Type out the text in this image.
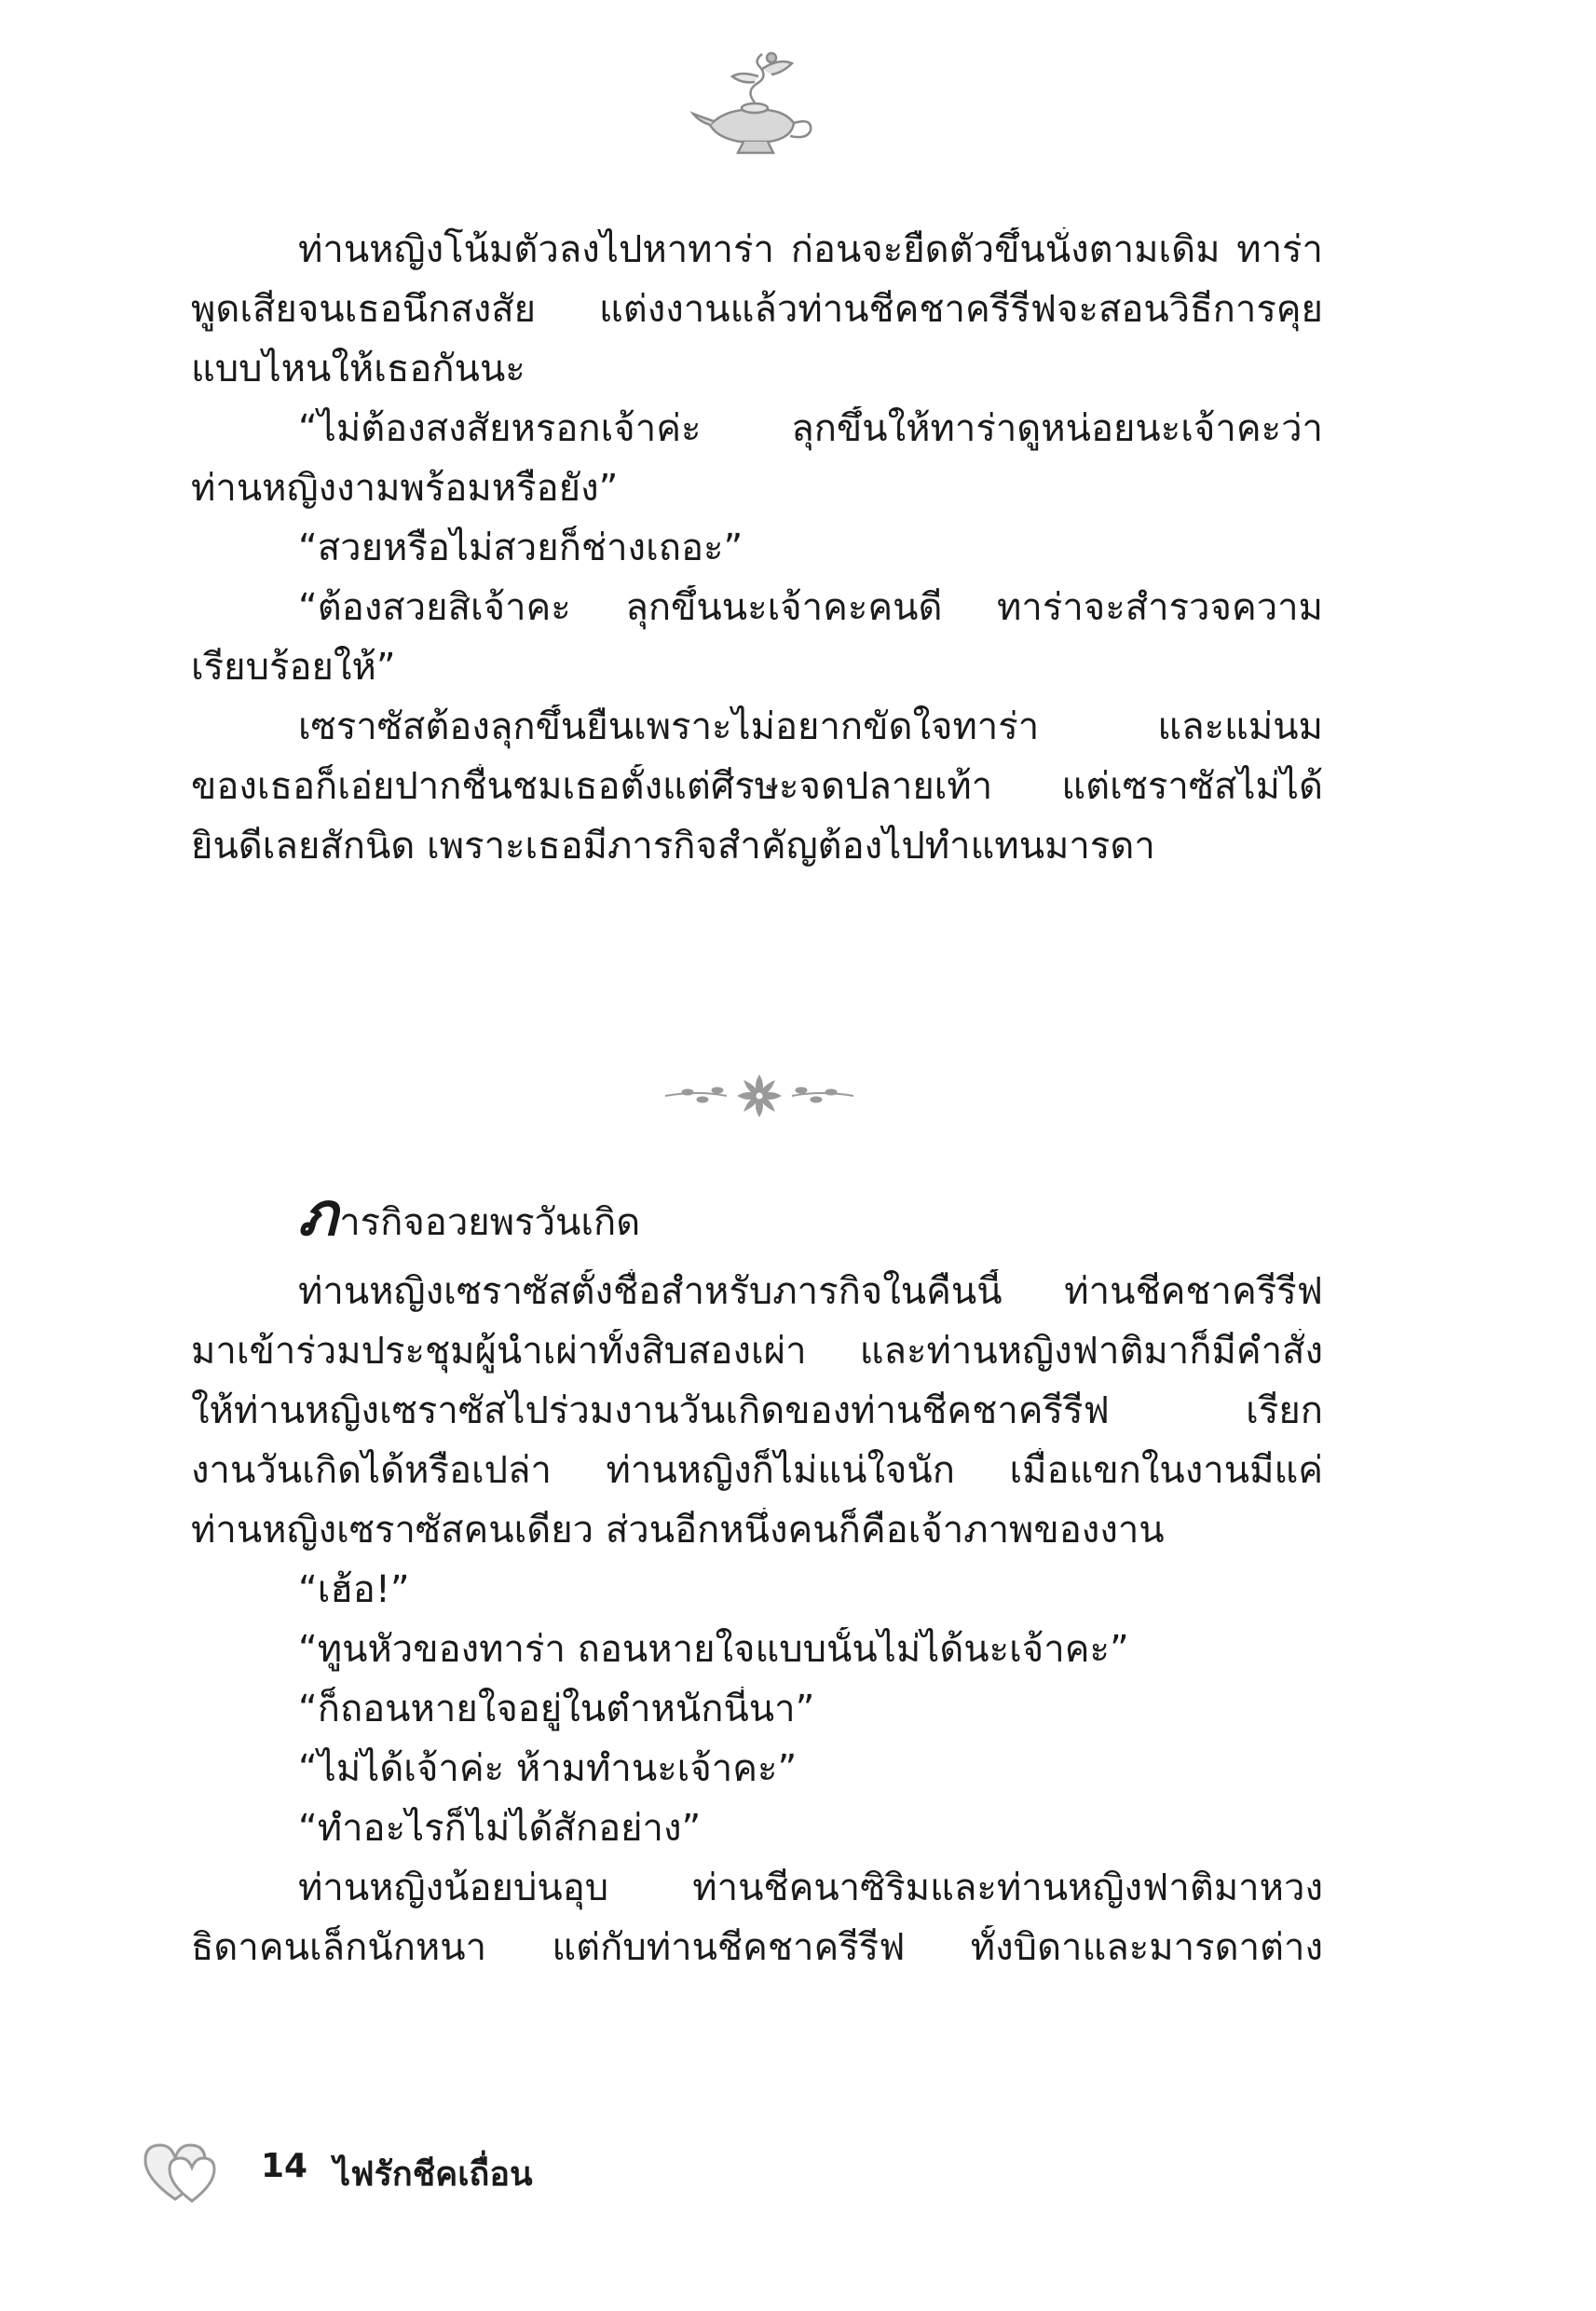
ท่านหญิงโน้มตัวลงไปหาทาร่า ก่อนจะยืดตัวขึ้นนั่งตามเดิม ทาร่า
พูดเสียจนเธอนึกสงสัย แต่งงานแล้วท่านชีคชาครีรีฟจะสอนวิธีการคุย
แบบไหนให้เธอกันนะ
“ไม่ต้องสงสัยหรอกเจ้าค่ะ ลุกขึ้นให้ทาร่าดูหน่อยนะเจ้าคะว่า
ท่านหญิงงามพร้อมหรือยัง”
“สวยหรือไม่สวยก็ช่างเถอะ”
“ต้องสวยสิเจ้าคะ ลุกขึ้นนะเจ้าคะคนดี ทาร่าจะสำรวจความ
เรียบร้อยให้”
เซราซัสต้องลุกขึ้นยืนเพราะไม่อยากขัดใจทาร่า และแม่นม
ของเธอก็เอ่ยปากชื่นชมเธอตั้งแต่ศีรษะจดปลายเท้า แต่เซราซัสไม่ได้
ยินดีเลยสักนิด เพราะเธอมีภารกิจสำคัญต้องไปทำแทนมารดา
ภารกิจอวยพรวันเกิด
ท่านหญิงเซราซัสตั้งชื่อสำหรับภารกิจในคืนนี้ ท่านชีคชาครีรีฟ
มาเข้าร่วมประชุมผู้นำเผ่าทั้งสิบสองเผ่า และท่านหญิงฟาติมาก็มีคำสั่ง
ให้ท่านหญิงเซราซัสไปร่วมงานวันเกิดของท่านชีคชาครีรีฟ เรียก
งานวันเกิดได้หรือเปล่า ท่านหญิงก็ไม่แน่ใจนัก เมื่อแขกในงานมีแค่
ท่านหญิงเซราซัสคนเดียว ส่วนอีกหนึ่งคนก็คือเจ้าภาพของงาน
“เฮ้อ!”
“ทูนหัวของทาร่า ถอนหายใจแบบนั้นไม่ได้นะเจ้าคะ”
“ก็ถอนหายใจอยู่ในตำหนักนี่นา”
“ไม่ได้เจ้าค่ะ ห้ามทำนะเจ้าคะ”
“ทำอะไรก็ไม่ได้สักอย่าง”
ท่านหญิงน้อยบ่นอุบ ท่านชีคนาซิริมและท่านหญิงฟาติมาหวง
ธิดาคนเล็กนักหนา แต่กับท่านชีคชาครีรีฟ ทั้งบิดาและมารดาต่าง
14 ไฟรักชีคเถื่อน
